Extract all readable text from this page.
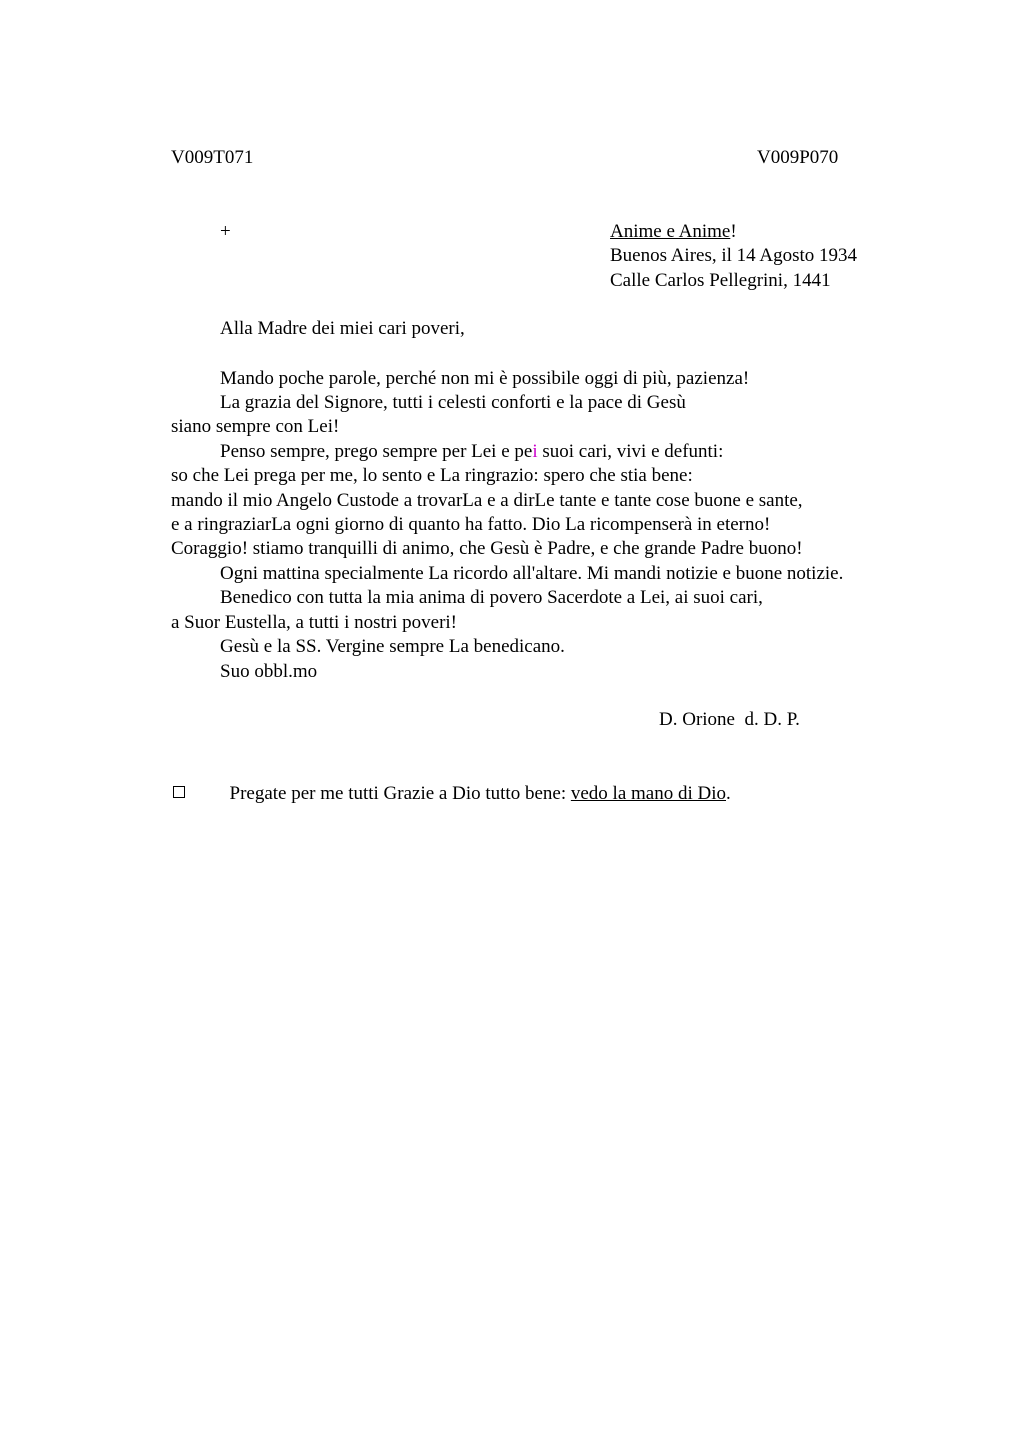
V009T071	V009P070
+	Anime e Anime!
Buenos Aires, il 14 Agosto 1934
Calle Carlos Pellegrini, 1441
Alla Madre dei miei cari poveri,
Mando poche parole, perché non mi è possibile oggi di più, pazienza!
La grazia del Signore, tutti i celesti conforti e la pace di Gesù
siano sempre con Lei!
Penso sempre, prego sempre per Lei e pei suoi cari, vivi e defunti:
so che Lei prega per me, lo sento e La ringrazio: spero che stia bene:
mando il mio Angelo Custode a trovarLa e a dirLe tante e tante cose buone e sante,
e a ringraziarLa ogni giorno di quanto ha fatto. Dio La ricompenserà in eterno!
Coraggio! stiamo tranquilli di animo, che Gesù è Padre, e che grande Padre buono!
Ogni mattina specialmente La ricordo all'altare. Mi mandi notizie e buone notizie.
Benedico con tutta la mia anima di povero Sacerdote a Lei, ai suoi cari,
a Suor Eustella, a tutti i nostri poveri!
Gesù e la SS. Vergine sempre La benedicano.
Suo obbl.mo
D. Orione  d. D. P.

Pregate per me tutti Grazie a Dio tutto bene: vedo la mano di Dio.
